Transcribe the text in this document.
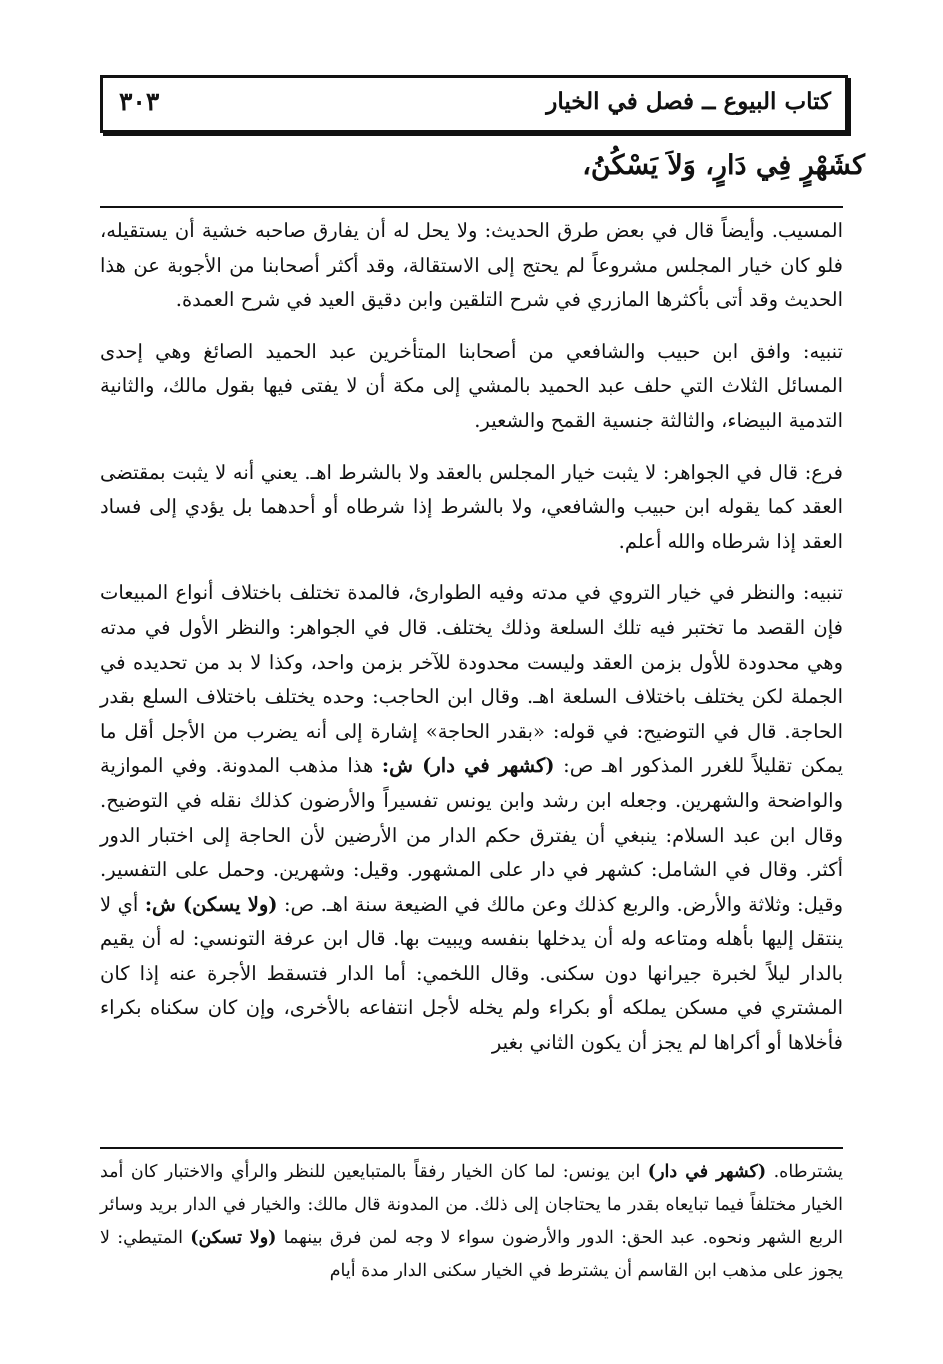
كتاب البيوع ــ فصل في الخيار
٣٠٣
كشَهْرٍ فِي دَارٍ، وَلاَ يَسْكُنُ،

المسيب. وأيضاً قال في بعض طرق الحديث: ولا يحل له أن يفارق صاحبه خشية أن يستقيله، فلو كان خيار المجلس مشروعاً لم يحتج إلى الاستقالة، وقد أكثر أصحابنا من الأجوبة عن هذا الحديث وقد أتى بأكثرها المازري في شرح التلقين وابن دقيق العيد في شرح العمدة.

تنبيه: وافق ابن حبيب والشافعي من أصحابنا المتأخرين عبد الحميد الصائغ وهي إحدى المسائل الثلاث التي حلف عبد الحميد بالمشي إلى مكة أن لا يفتى فيها بقول مالك، والثانية التدمية البيضاء، والثالثة جنسية القمح والشعير.

فرع: قال في الجواهر: لا يثبت خيار المجلس بالعقد ولا بالشرط اهـ. يعني أنه لا يثبت بمقتضى العقد كما يقوله ابن حبيب والشافعي، ولا بالشرط إذا شرطاه أو أحدهما بل يؤدي إلى فساد العقد إذا شرطاه والله أعلم.

تنبيه: والنظر في خيار التروي في مدته وفيه الطوارئ، فالمدة تختلف باختلاف أنواع المبيعات فإن القصد ما تختبر فيه تلك السلعة وذلك يختلف. قال في الجواهر: والنظر الأول في مدته وهي محدودة للأول بزمن العقد وليست محدودة للآخر بزمن واحد، وكذا لا بد من تحديده في الجملة لكن يختلف باختلاف السلعة اهـ. وقال ابن الحاجب: وحده يختلف باختلاف السلع بقدر الحاجة. قال في التوضيح: في قوله: «بقدر الحاجة» إشارة إلى أنه يضرب من الأجل أقل ما يمكن تقليلاً للغرر المذكور اهـ ص: (كشهر في دار) ش: هذا مذهب المدونة. وفي الموازية والواضحة والشهرين. وجعله ابن رشد وابن يونس تفسيراً والأرضون كذلك نقله في التوضيح. وقال ابن عبد السلام: ينبغي أن يفترق حكم الدار من الأرضين لأن الحاجة إلى اختبار الدور أكثر. وقال في الشامل: كشهر في دار على المشهور. وقيل: وشهرين. وحمل على التفسير. وقيل: وثلاثة والأرض. والربع كذلك وعن مالك في الضيعة سنة اهـ. ص: (ولا يسكن) ش: أي لا ينتقل إليها بأهله ومتاعه وله أن يدخلها بنفسه ويبيت بها. قال ابن عرفة التونسي: له أن يقيم بالدار ليلاً لخبرة جيرانها دون سكنى. وقال اللخمي: أما الدار فتسقط الأجرة عنه إذا كان المشتري في مسكن يملكه أو بكراء ولم يخله لأجل انتفاعه بالأخرى، وإن كان سكناه بكراء فأخلاها أو أكراها لم يجز أن يكون الثاني بغير

يشترطاه. (كشهر في دار) ابن يونس: لما كان الخيار رفقاً بالمتبايعين للنظر والرأي والاختبار كان أمد الخيار مختلفاً فيما تبايعاه بقدر ما يحتاجان إلى ذلك. من المدونة قال مالك: والخيار في الدار بريد وسائر الربع الشهر ونحوه. عبد الحق: الدور والأرضون سواء لا وجه لمن فرق بينهما (ولا تسكن) المتيطي: لا يجوز على مذهب ابن القاسم أن يشترط في الخيار سكنى الدار مدة أيام
